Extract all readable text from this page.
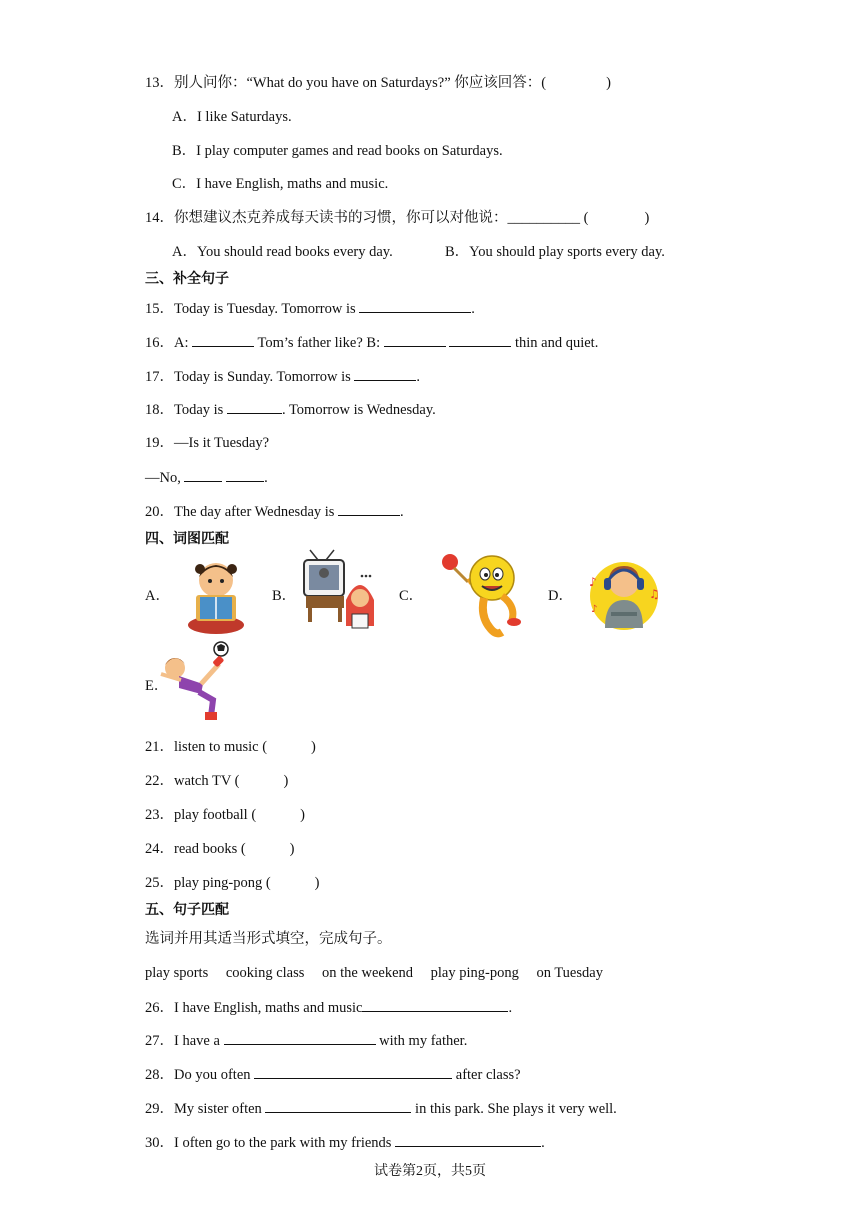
13．别人问你：“What do you have on Saturdays?” 你应该回答：(	)
A．I like Saturdays.
B．I play computer games and read books on Saturdays.
C．I have English, maths and music.
14．你想建议杰克养成每天读书的习惯，你可以对他说：__________ (	)
A．You should read books every day.	B．You should play sports every day.
三、补全句子
15．Today is Tuesday. Tomorrow is	.
16．A:	Tom’s father like? B:	thin and quiet.
17．Today is Sunday. Tomorrow is	.
18．Today is	. Tomorrow is Wednesday.
19．—Is it Tuesday?
—No,	.
20．The day after Wednesday is	.
四、词图匹配
A．	B．	C．	D．
E．
♪
♫
♪
21．listen to music (	)
22．watch TV (	)
23．play football (	)
24．read books (	)
25．play ping-pong (	)
五、句子匹配
选词并用其适当形式填空，完成句子。
play sports cooking class on the weekend play ping-pong on Tuesday
26．I have English, maths and music	.
27．I have a	with my father.
28．Do you often	after class?
29．My sister often	in this park. She plays it very well.
30．I often go to the park with my friends	.
试卷第2页，共5页
